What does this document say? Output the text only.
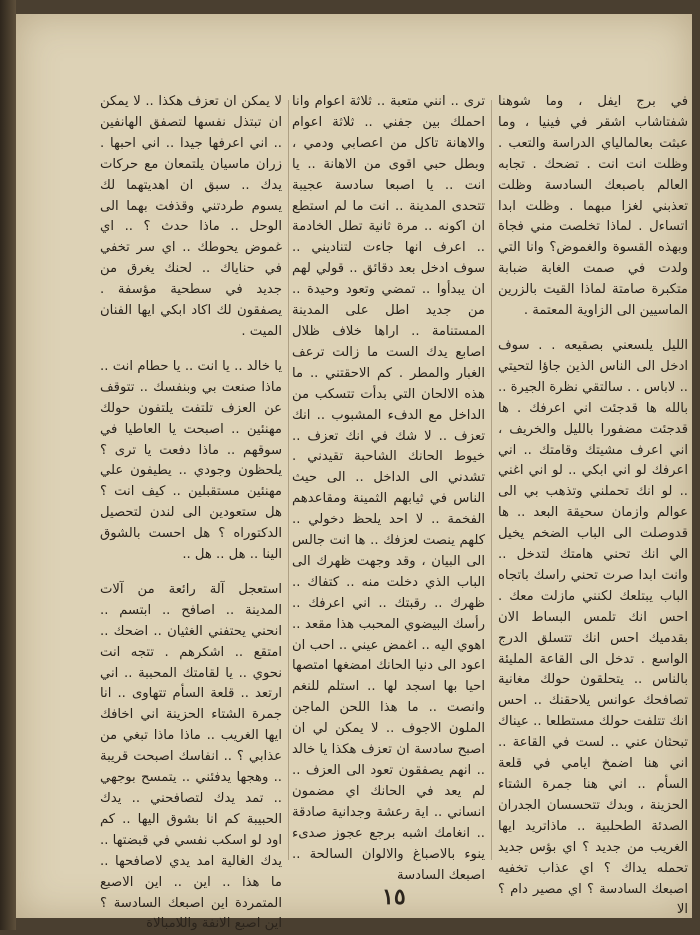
في برج ايفل ، وما شوهنا شفتاشاب اشقر في فينيا ، وما عبثت بعالمالياي الدراسة والتعب . وظلت انت انت . تضحك . تجابه العالم باصبعك السادسة وظلت تعذبني لغزا مبهما . وظلت ابدا اتساءل . لماذا تخلصت مني فجاة وبهذه القسوة والغموض؟ وانا التي ولدت في صمت الغابة ضبابة متكبرة صامتة لماذا القيت بالزرين الماسيين الى الزاوية المعتمة .

الليل يلسعني بصقيعه . . سوف ادخل الى الناس الذين جاؤا لتحيتي .. لاباس . . سالتقي نظرة الجيرة .. بالله ها قدجئت اني اعرفك . ها قدجئت مضفورا بالليل والخريف ، اني اعرف مشيتك وقامتك .. اني اعرفك لو اني ابكي .. لو اني اغني .. لو انك تحملني وتذهب بي الى عوالم وازمان سحيقة البعد .. ها قدوصلت الى الباب الضخم يخيل الي انك تحني هامتك لتدخل .. وانت ابدا صرت تحني راسك باتجاه الباب يبتلعك لكنني مازلت معك . احس انك تلمس البساط الان بقدميك احس انك تتسلق الدرج الواسع . تدخل الى القاعة المليئة بالناس .. يتحلقون حولك مغانية تصافحك عوانس يلاحقنك .. احس انك تتلفت حولك مستطلعا .. عيناك تبحثان عني .. لست في القاعة .. اني هنا اضمخ ايامي في قلعة السأم .. اني هنا جمرة الشتاء الحزينة ، وبدك تتحسسان الجدران الصدئة الطحلبية .. ماذاتريد ايها الغريب من جديد ؟ اي بؤس جديد تحمله يداك ؟ اي عذاب تخفيه اصبعك السادسة ؟ اي مصير دام ؟ الا

ترى .. انني متعبة .. ثلاثة اعوام وانا احملك بين جفني .. ثلاثة اعوام والاهانة تاكل من اعصابي ودمي ، وبطل حبي اقوى من الاهانة .. يا انت .. يا اصبعا سادسة عجيبة تتحدى المدينة .. انت ما لم استطع ان اكونه .. مرة ثانية تطل الخادمة .. اعرف انها جاءت لتناديني .. سوف ادخل بعد دقائق .. قولي لهم ان يبدأوا .. تمضي وتعود وحيدة .. من جديد اطل على المدينة المستنامة .. اراها خلاف ظلال اصابع يدك الست ما زالت ترعف الغبار والمطر . كم الاحقتني .. ما هذه الالحان التي بدأت تتسكب من الداخل مع الدفء المشبوب .. انك تعزف .. لا شك في انك تعزف .. خيوط الحانك الشاحبة تقيدني . تشدني الى الداخل .. الى حيث الناس في ثيابهم الثمينة ومقاعدهم الفخمة .. لا احد يلحظ دخولي .. كلهم ينصت لعزفك .. ها انت جالس الى البيان ، وقد وجهت ظهرك الى الباب الذي دخلت منه .. كتفاك .. ظهرك .. رقبتك .. اني اعرفك .. رأسك البيضوي المحبب هذا مقعد .. اهوي اليه .. اغمض عيني .. احب ان اعود الى دنيا الحانك امضغها امتصها احيا بها اسجد لها .. استلم للنغم وانصت .. ما هذا اللحن الماجن الملون الاجوف .. لا يمكن لي ان اصبح سادسة ان تعزف هكذا يا خالد .. انهم يصفقون تعود الى العزف .. لم يعد في الحانك اي مضمون انساني .. اية رعشة وجدانية صادقة .. انغامك اشبه برجع عجوز صدىء ينوء بالاصباغ والالوان السالحة .. اصبعك السادسة

لا يمكن ان تعزف هكذا .. لا يمكن ان تبتذل نفسها لتصفق الهانفين .. اني اعرفها جيدا .. اني احبها . زران ماسيان يلتمعان مع حركات يدك .. سبق ان اهديتهما لك يسوم طردتني وقذفت بهما الى الوحل .. ماذا حدث ؟ .. اي غموض يحوطك .. اي سر تخفي في حناياك .. لحنك يغرق من جديد في سطحية مؤسفة . يصفقون لك اكاد ابكي ايها الفنان الميت .

يا خالد .. يا انت .. يا حطام انت .. ماذا صنعت بي وبنفسك .. تتوقف عن العزف تلتفت يلتفون حولك مهنئين .. اصبحت يا العاطيا في سوقهم .. ماذا دفعت يا ترى ؟ يلحظون وجودي .. يطيفون علي مهنئين مستقبلين .. كيف انت ؟ هل ستعودين الى لندن لتحصيل الدكتوراه ؟ هل احست بالشوق الينا .. هل .. هل ..

استعجل آلة رائعة من آلات المدينة .. اصافح .. ابتسم .. انحني يحتفني الغثيان .. اضحك .. امتقع .. اشكرهم . تتجه انت نحوي .. يا لقامتك المحببة .. اني ارتعد .. قلعة السأم تتهاوى .. انا جمرة الشتاء الحزينة اني اخافك ايها الغريب .. ماذا ماذا تبغي من عذابي ؟ .. انفاسك اصبحت قريبة .. وهجها يدفئني .. يتمسح بوجهي .. تمد يدك لتصافحني .. يدك الحبيبة كم انا بشوق اليها .. كم اود لو اسكب نفسي في قبضتها .. يدك الغالية امد يدي لاصافحها .. ما هذا .. اين .. اين الاصبع المتمردة اين اصبعك السادسة ؟ اين اصبع الانفة واللامبالاة

١٥
